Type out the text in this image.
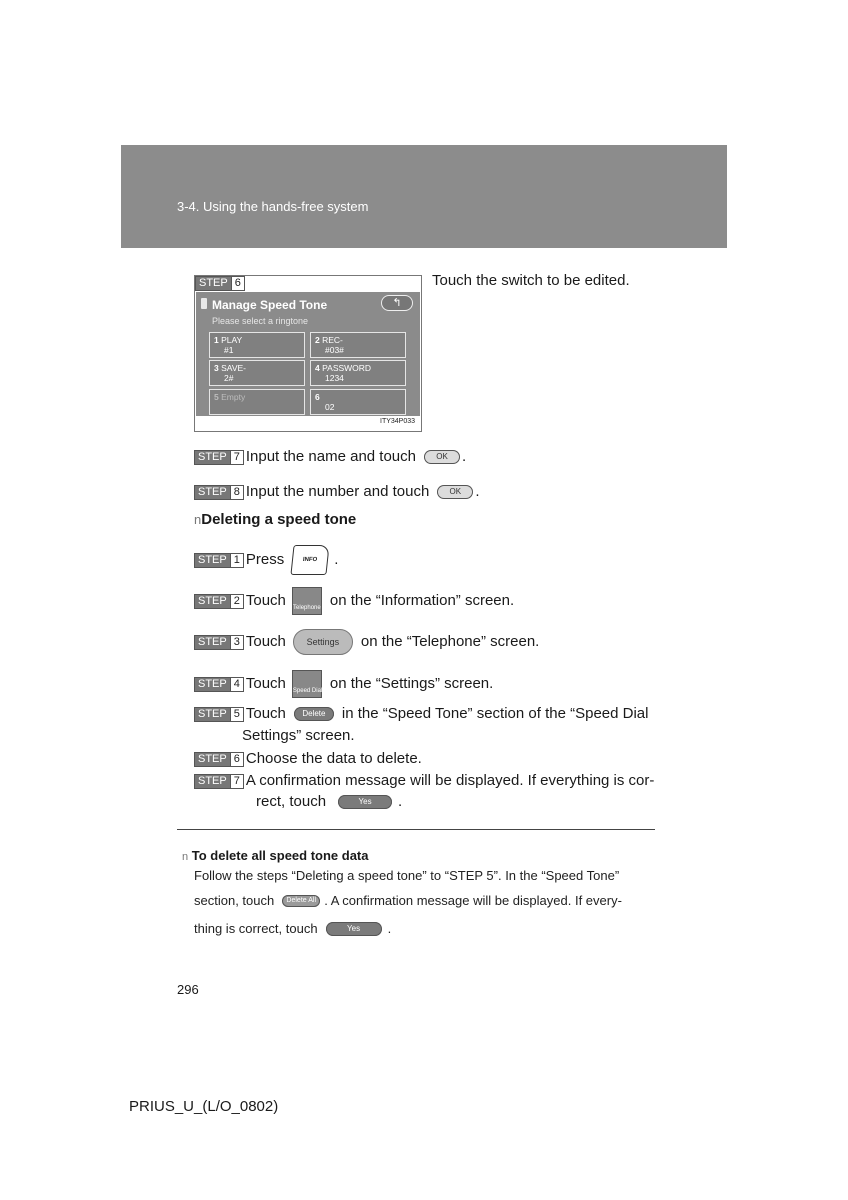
3-4. Using the hands-free system
STEP 6
Manage Speed Tone
Please select a ringtone
↰
1 PLAY
#1
2 REC-
#03#
3 SAVE-
2#
4 PASSWORD
1234
5 Empty	6
02
ITY34P033
Touch the switch to be edited.
STEP 7 Input the name and touch	OK .
STEP 8 Input the number and touch	OK .
nDeleting a speed tone
STEP 1 Press	INFO	.
STEP 2 Touch Telephone on the “Information” screen.
STEP 3 Touch	Settings	on the “Telephone” screen.
STEP 4 Touch Speed Dial on the “Settings” screen.
STEP 5 Touch	Delete	in the “Speed Tone” section of the “Speed Dial
Settings” screen.
STEP 6 Choose the data to delete.
STEP 7 A confirmation message will be displayed. If everything is cor-
rect, touch	Yes	.
n To delete all speed tone data
Follow the steps “Deleting a speed tone” to “STEP 5”. In the “Speed Tone”
section, touch	Delete All . A confirmation message will be displayed. If every-
thing is correct, touch	Yes	.
296
PRIUS_U_(L/O_0802)
